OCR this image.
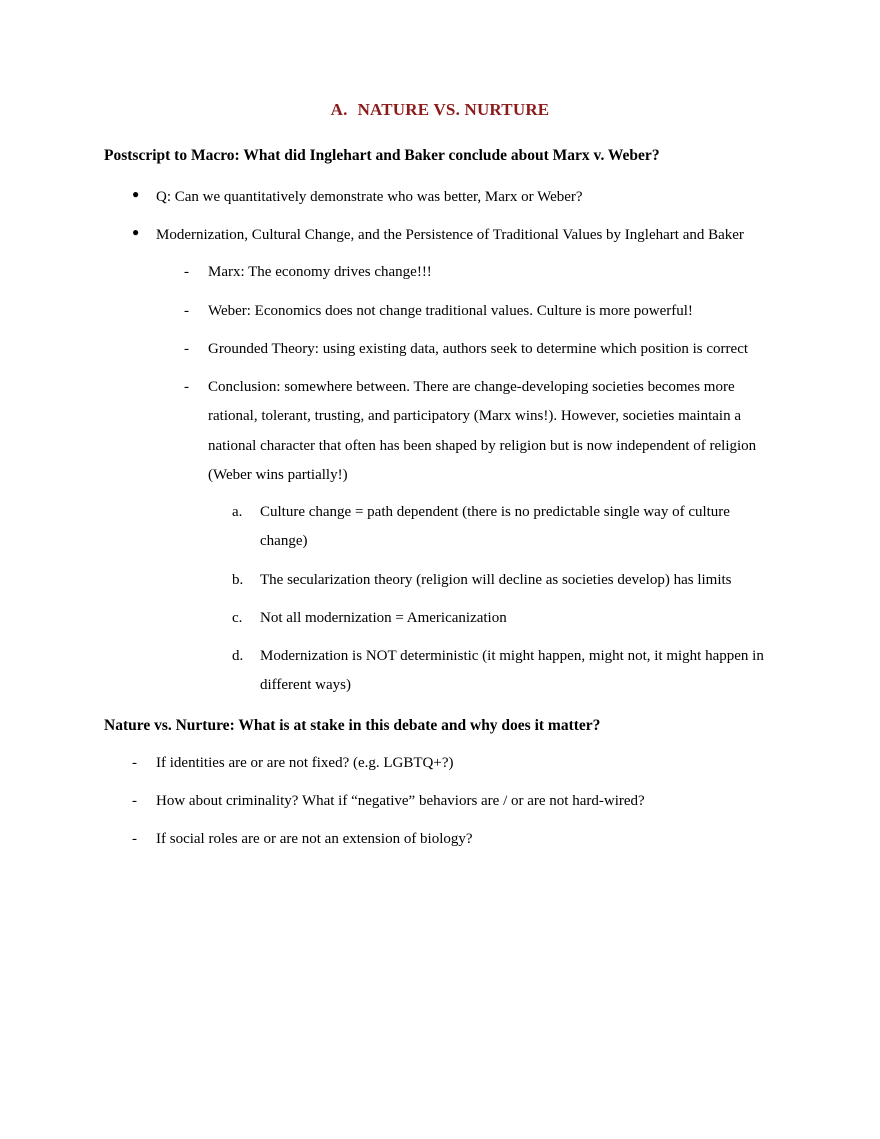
A. NATURE VS. NURTURE
Postscript to Macro: What did Inglehart and Baker conclude about Marx v. Weber?
● Q: Can we quantitatively demonstrate who was better, Marx or Weber?
● Modernization, Cultural Change, and the Persistence of Traditional Values by Inglehart and Baker
- Marx: The economy drives change!!!
- Weber: Economics does not change traditional values. Culture is more powerful!
- Grounded Theory: using existing data, authors seek to determine which position is correct
- Conclusion: somewhere between. There are change-developing societies becomes more rational, tolerant, trusting, and participatory (Marx wins!). However, societies maintain a national character that often has been shaped by religion but is now independent of religion (Weber wins partially!)
a. Culture change = path dependent (there is no predictable single way of culture change)
b. The secularization theory (religion will decline as societies develop) has limits
c. Not all modernization = Americanization
d. Modernization is NOT deterministic (it might happen, might not, it might happen in different ways)
Nature vs. Nurture: What is at stake in this debate and why does it matter?
- If identities are or are not fixed? (e.g. LGBTQ+?)
- How about criminality? What if “negative” behaviors are / or are not hard-wired?
- If social roles are or are not an extension of biology?
